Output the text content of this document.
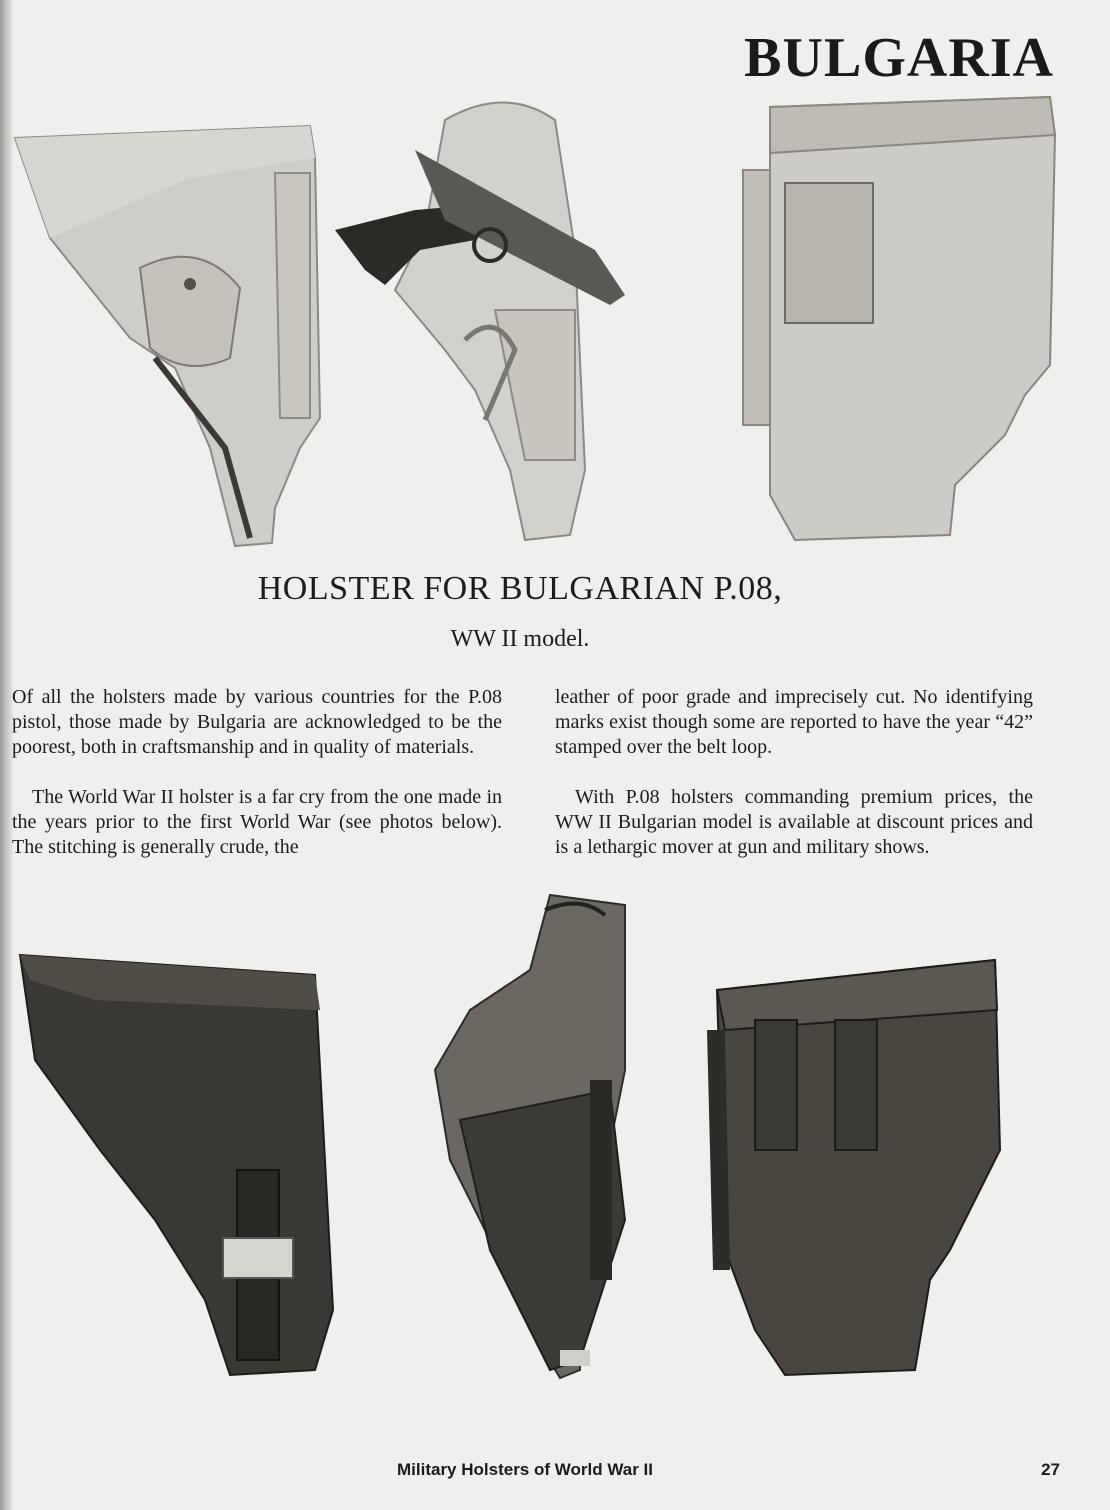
BULGARIA
HOLSTER FOR BULGARIAN P.08,
WW II model.

Of all the holsters made by various countries for the P.08 pistol, those made by Bulgaria are acknowledged to be the poorest, both in craftsmanship and in quality of materials.

The World War II holster is a far cry from the one made in the years prior to the first World War (see photos below). The stitching is generally crude, the

leather of poor grade and imprecisely cut. No identifying marks exist though some are reported to have the year “42” stamped over the belt loop.

With P.08 holsters commanding premium prices, the WW II Bulgarian model is available at discount prices and is a lethargic mover at gun and military shows.

Military Holsters of World War II	27
